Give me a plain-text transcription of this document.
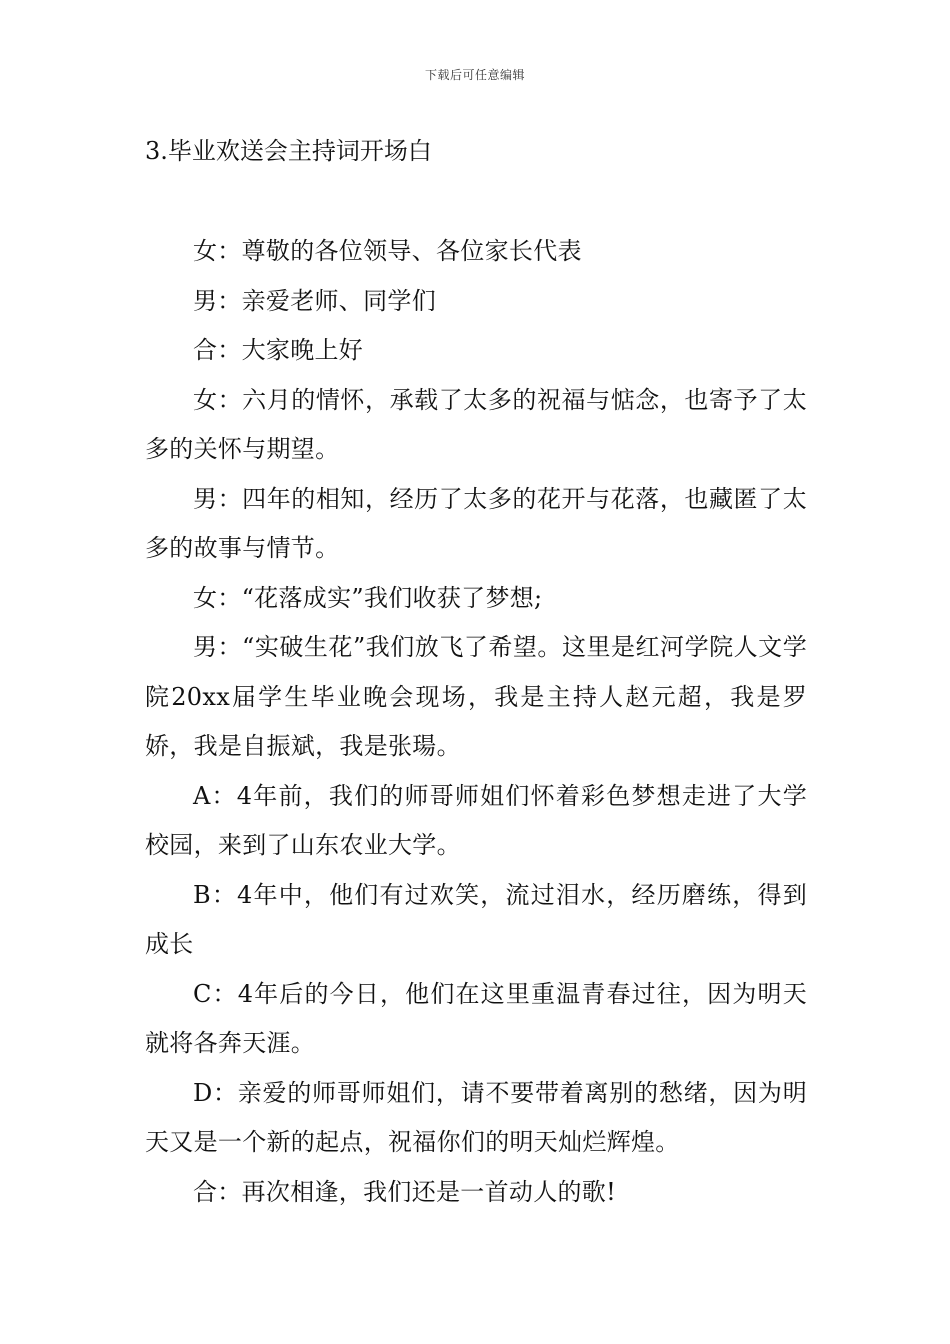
下载后可任意编辑
3.毕业欢送会主持词开场白

女：尊敬的各位领导、各位家长代表

男：亲爱老师、同学们

合：大家晚上好

女：六月的情怀，承载了太多的祝福与惦念，也寄予了太多的关怀与期望。

男：四年的相知，经历了太多的花开与花落，也藏匿了太多的故事与情节。

女：“花落成实”我们收获了梦想;

男：“实破生花”我们放飞了希望。这里是红河学院人文学院20xx届学生毕业晚会现场，我是主持人赵元超，我是罗娇，我是自振斌，我是张瑒。

A：4年前，我们的师哥师姐们怀着彩色梦想走进了大学校园，来到了山东农业大学。

B：4年中，他们有过欢笑，流过泪水，经历磨练，得到成长

C：4年后的今日，他们在这里重温青春过往，因为明天就将各奔天涯。

D：亲爱的师哥师姐们，请不要带着离别的愁绪，因为明天又是一个新的起点，祝福你们的明天灿烂辉煌。

合：再次相逢，我们还是一首动人的歌!
